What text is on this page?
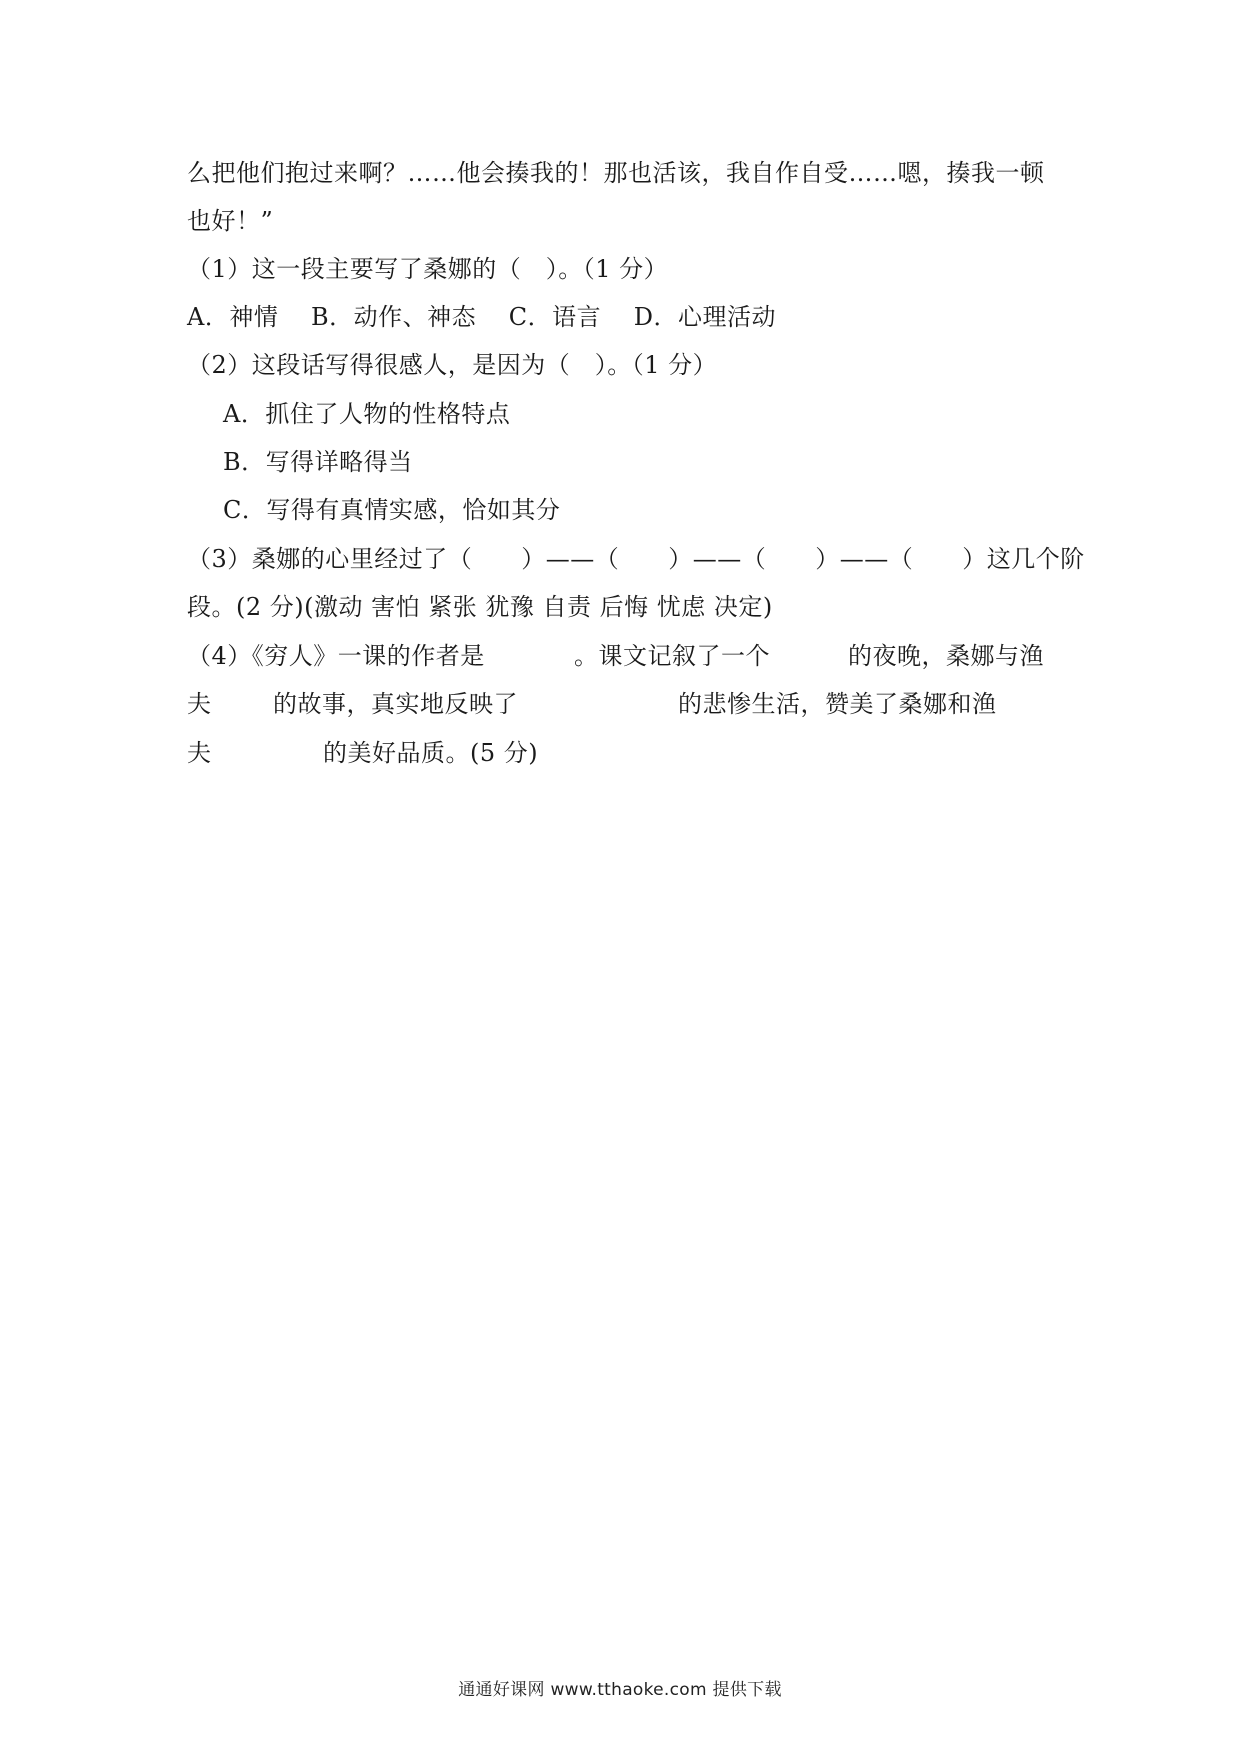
么把他们抱过来啊？……他会揍我的！那也活该，我自作自受……嗯，揍我一顿
也好！”
（1）这一段主要写了桑娜的（　）。（1 分）
A．神情　 B．动作、神态　 C．语言　 D．心理活动
（2）这段话写得很感人，是因为（　）。（1 分）
A．抓住了人物的性格特点
B．写得详略得当
C．写得有真情实感，恰如其分
（3）桑娜的心里经过了（　　）——（　　）——（　　）——（　　）这几个阶
段。(2 分)(激动 害怕 紧张 犹豫 自责 后悔 忧虑 决定)
（4）《穷人》一课的作者是	。课文记叙了一个	的夜晚，桑娜与渔
夫	的故事，真实地反映了	的悲惨生活，赞美了桑娜和渔
夫	的美好品质。(5 分)
通通好课网 www.tthaoke.com 提供下载
